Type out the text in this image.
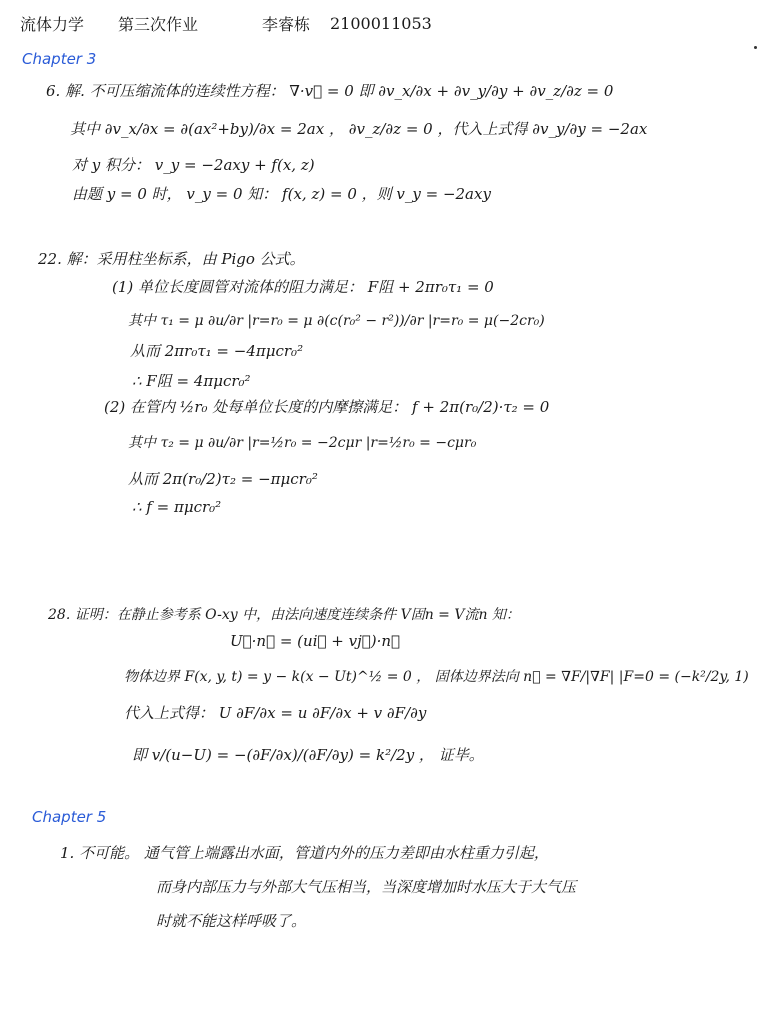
流体力学 第三次作业	李睿栋 2100011053
Chapter 3
6. 解. 不可压缩流体的连续性方程： ∇·v⃗ = 0 即 ∂v_x/∂x + ∂v_y/∂y + ∂v_z/∂z = 0
其中 ∂v_x/∂x = ∂(ax²+by)/∂x = 2ax ， ∂v_z/∂z = 0 ，代入上式得 ∂v_y/∂y = −2ax
对 y 积分： v_y = −2axy + f(x, z)
由题 y = 0 时， v_y = 0 知： f(x, z) = 0 ，则 v_y = −2axy
22. 解：采用柱坐标系，由 Pigo 公式。
(1) 单位长度圆管对流体的阻力满足： F阻 + 2πr₀τ₁ = 0
其中 τ₁ = μ ∂u/∂r |r=r₀ = μ ∂(c(r₀² − r²))/∂r |r=r₀ = μ(−2cr₀)
从而 2πr₀τ₁ = −4πμcr₀²
∴ F阻 = 4πμcr₀²
(2) 在管内 ½r₀ 处每单位长度的内摩擦满足： f + 2π(r₀/2)·τ₂ = 0
其中 τ₂ = μ ∂u/∂r |r=½r₀ = −2cμr |r=½r₀ = −cμr₀
从而 2π(r₀/2)τ₂ = −πμcr₀²
∴ f = πμcr₀²
28. 证明：在静止参考系 O-xy 中，由法向速度连续条件 V固n = V流n 知：
U⃗·n⃗ = (ui⃗ + vj⃗)·n⃗
物体边界 F(x, y, t) = y − k(x − Ut)^½ = 0 ， 固体边界法向 n⃗ = ∇F/|∇F| |F=0 = (−k²/2y, 1)
代入上式得： U ∂F/∂x = u ∂F/∂x + v ∂F/∂y
即 v/(u−U) = −(∂F/∂x)/(∂F/∂y) = k²/2y ， 证毕。
Chapter 5
1. 不可能。 通气管上端露出水面，管道内外的压力差即由水柱重力引起，
而身内部压力与外部大气压相当，当深度增加时水压大于大气压
时就不能这样呼吸了。
